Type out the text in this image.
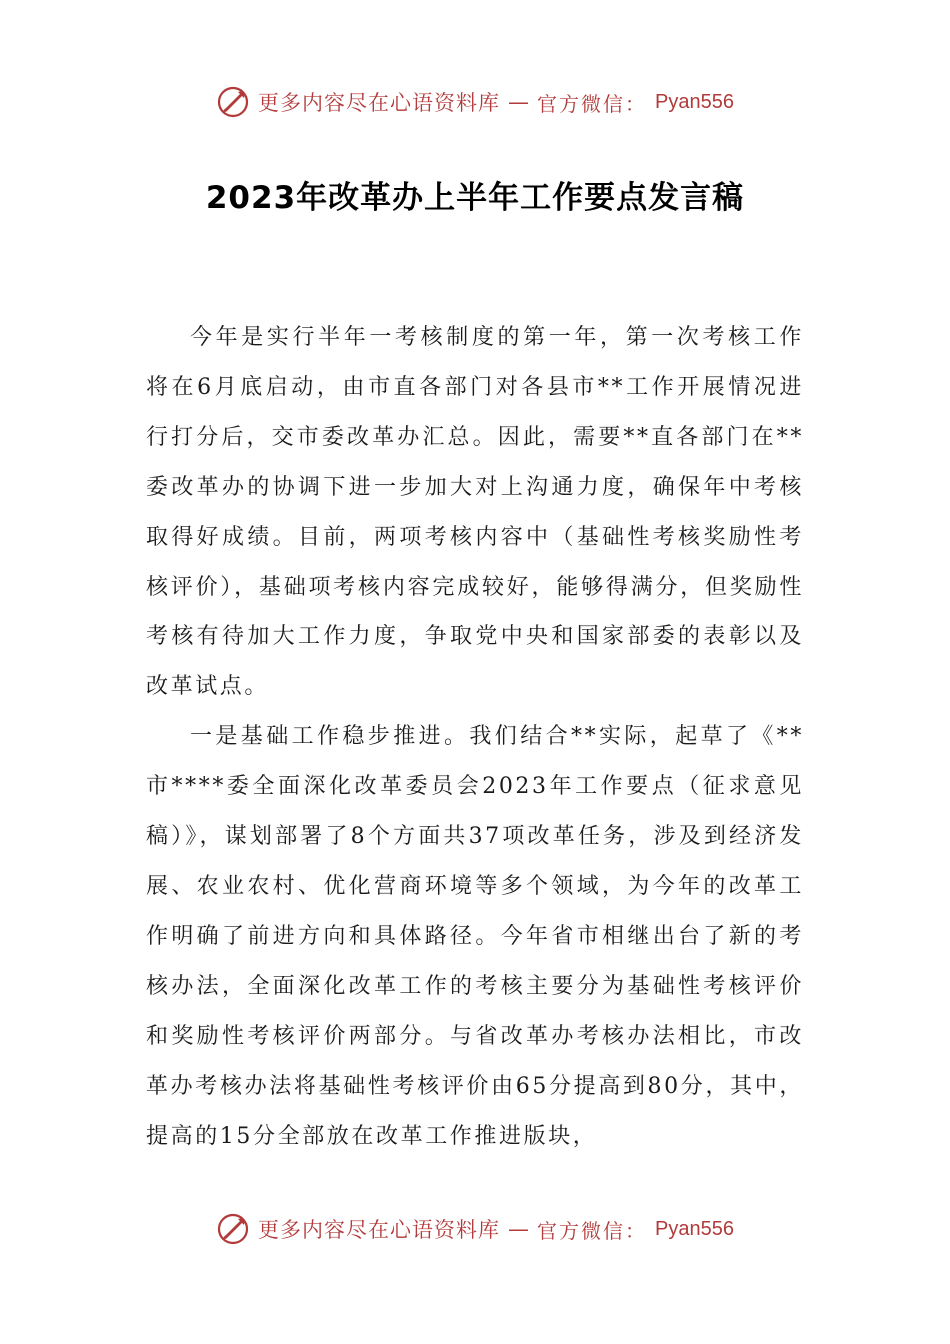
更多内容尽在心语资料库 — 官方微信： Pyan556
2023年改革办上半年工作要点发言稿

今年是实行半年一考核制度的第一年，第一次考核工作将在6月底启动，由市直各部门对各县市**工作开展情况进行打分后，交市委改革办汇总。因此，需要**直各部门在**委改革办的协调下进一步加大对上沟通力度，确保年中考核取得好成绩。目前，两项考核内容中（基础性考核奖励性考核评价），基础项考核内容完成较好，能够得满分，但奖励性考核有待加大工作力度，争取党中央和国家部委的表彰以及改革试点。

一是基础工作稳步推进。我们结合**实际，起草了《**市****委全面深化改革委员会2023年工作要点（征求意见稿）》，谋划部署了8个方面共37项改革任务，涉及到经济发展、农业农村、优化营商环境等多个领域，为今年的改革工作明确了前进方向和具体路径。今年省市相继出台了新的考核办法，全面深化改革工作的考核主要分为基础性考核评价和奖励性考核评价两部分。与省改革办考核办法相比，市改革办考核办法将基础性考核评价由65分提高到80分，其中，提高的15分全部放在改革工作推进版块，

更多内容尽在心语资料库 — 官方微信： Pyan556
